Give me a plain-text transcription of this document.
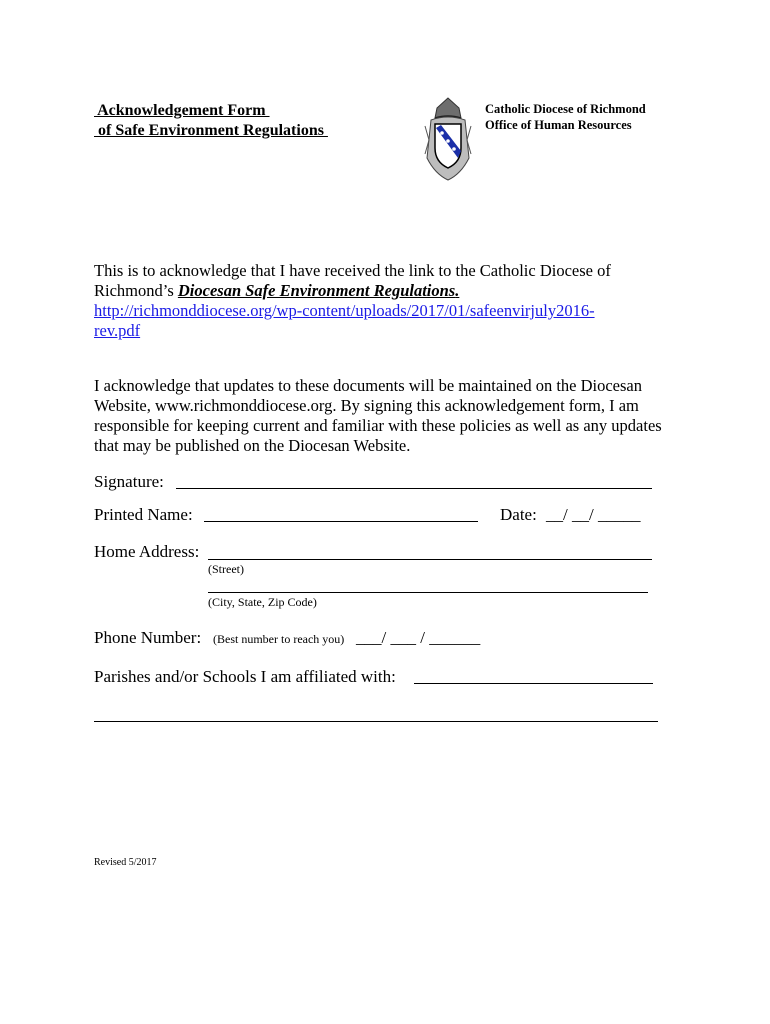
Acknowledgement Form
of Safe Environment Regulations
Catholic Diocese of Richmond
Office of Human Resources
This is to acknowledge that I have received the link to the Catholic Diocese of Richmond’s Diocesan Safe Environment Regulations.
http://richmonddiocese.org/wp-content/uploads/2017/01/safeenvirjuly2016-
rev.pdf
I acknowledge that updates to these documents will be maintained on the Diocesan Website, www.richmonddiocese.org. By signing this acknowledgement form, I am responsible for keeping current and familiar with these policies as well as any updates that may be published on the Diocesan Website.
Signature:
Printed Name:	Date: __/ __/ _____
Home Address:
(Street)
(City, State, Zip Code)
Phone Number: (Best number to reach you) ___/ ___ / ______
Parishes and/or Schools I am affiliated with:
Revised 5/2017
